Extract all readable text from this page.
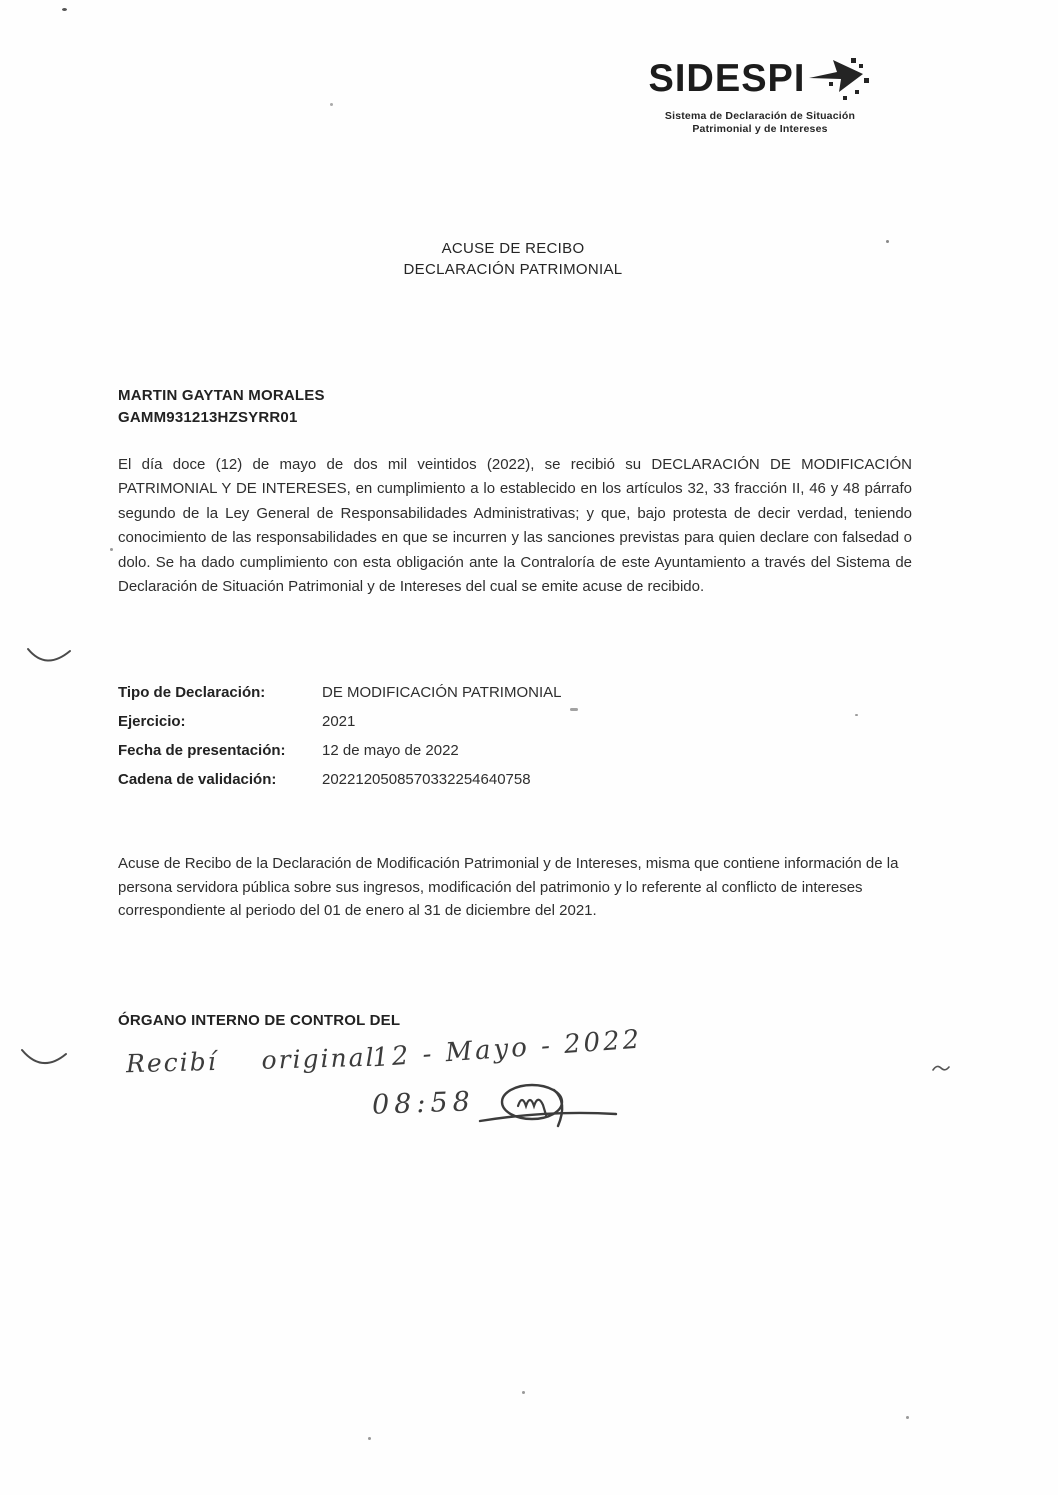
SIDESPI
Sistema de Declaración de Situación
Patrimonial y de Intereses
ACUSE DE RECIBO
DECLARACIÓN PATRIMONIAL
MARTIN GAYTAN MORALES
GAMM931213HZSYRR01

El día doce (12) de mayo de dos mil veintidos (2022), se recibió su DECLARACIÓN DE MODIFICACIÓN PATRIMONIAL Y DE INTERESES, en cumplimiento a lo establecido en los artículos 32, 33 fracción II, 46 y 48 párrafo segundo de la Ley General de Responsabilidades Administrativas; y que, bajo protesta de decir verdad, teniendo conocimiento de las responsabilidades en que se incurren y las sanciones previstas para quien declare con falsedad o dolo. Se ha dado cumplimiento con esta obligación ante la Contraloría de este Ayuntamiento a través del Sistema de Declaración de Situación Patrimonial y de Intereses del cual se emite acuse de recibido.

Tipo de Declaración:	DE MODIFICACIÓN PATRIMONIAL
Ejercicio:	2021
Fecha de presentación:	12 de mayo de 2022
Cadena de validación:	2022120508570332254640758

Acuse de Recibo de la Declaración de Modificación Patrimonial y de Intereses, misma que contiene información de la persona servidora pública sobre sus ingresos, modificación del patrimonio y lo referente al conflicto de intereses correspondiente al periodo del 01 de enero al 31 de diciembre del 2021.

ÓRGANO INTERNO DE CONTROL DEL
Recibí original
12 - Mayo - 2022
08:58
